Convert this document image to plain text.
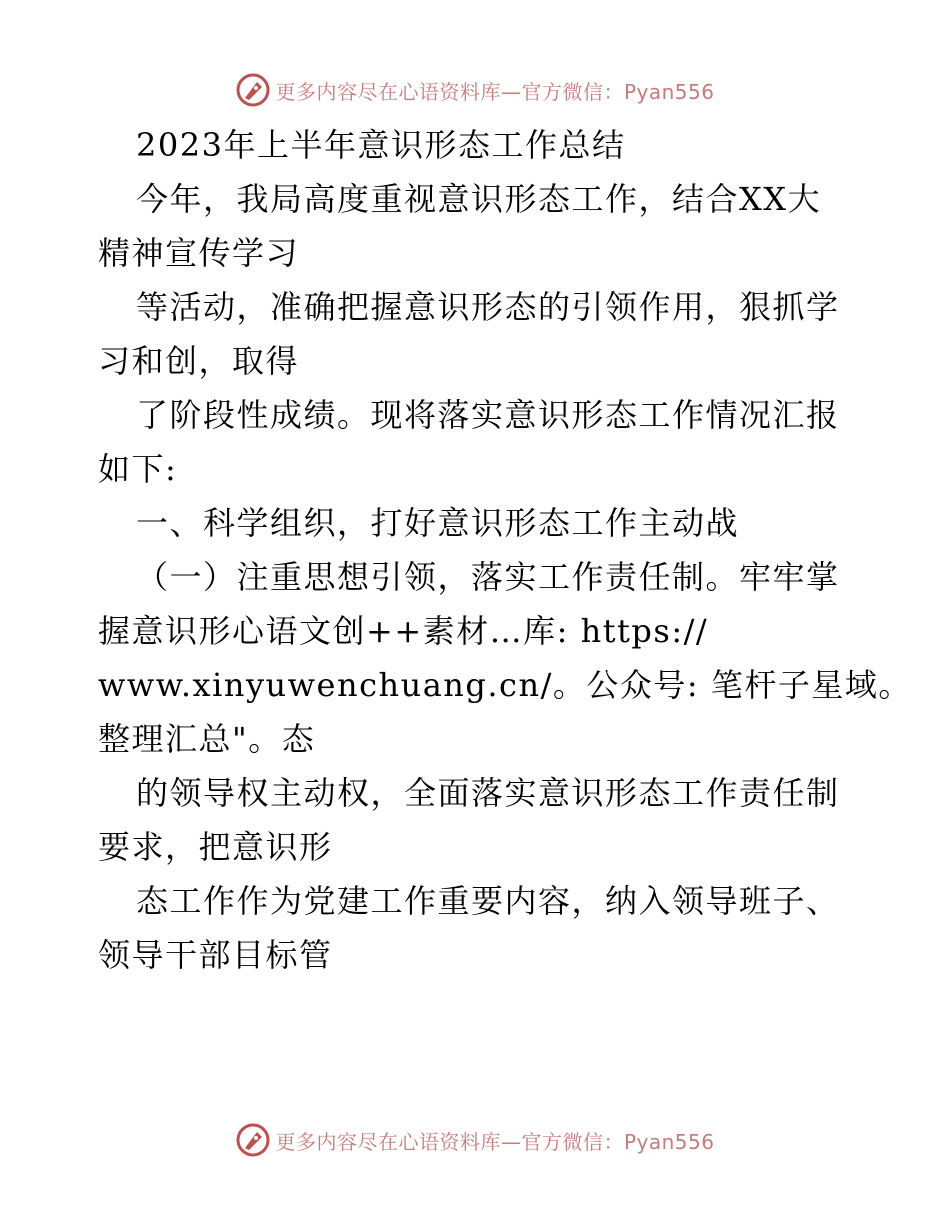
更多内容尽在心语资料库—官方微信：Pyan556
2023年上半年意识形态工作总结
今年，我局高度重视意识形态工作，结合XX大
精神宣传学习
等活动，准确把握意识形态的引领作用，狠抓学
习和创，取得
了阶段性成绩。现将落实意识形态工作情况汇报
如下:
一、科学组织，打好意识形态工作主动战
（一）注重思想引领，落实工作责任制。牢牢掌
握意识形心语文创++素材…库: https://
www.xinyuwenchuang.cn/。公众号: 笔杆子星域。
整理汇总"。态
的领导权主动权，全面落实意识形态工作责任制
要求，把意识形
态工作作为党建工作重要内容，纳入领导班子、
领导干部目标管
更多内容尽在心语资料库—官方微信：Pyan556
